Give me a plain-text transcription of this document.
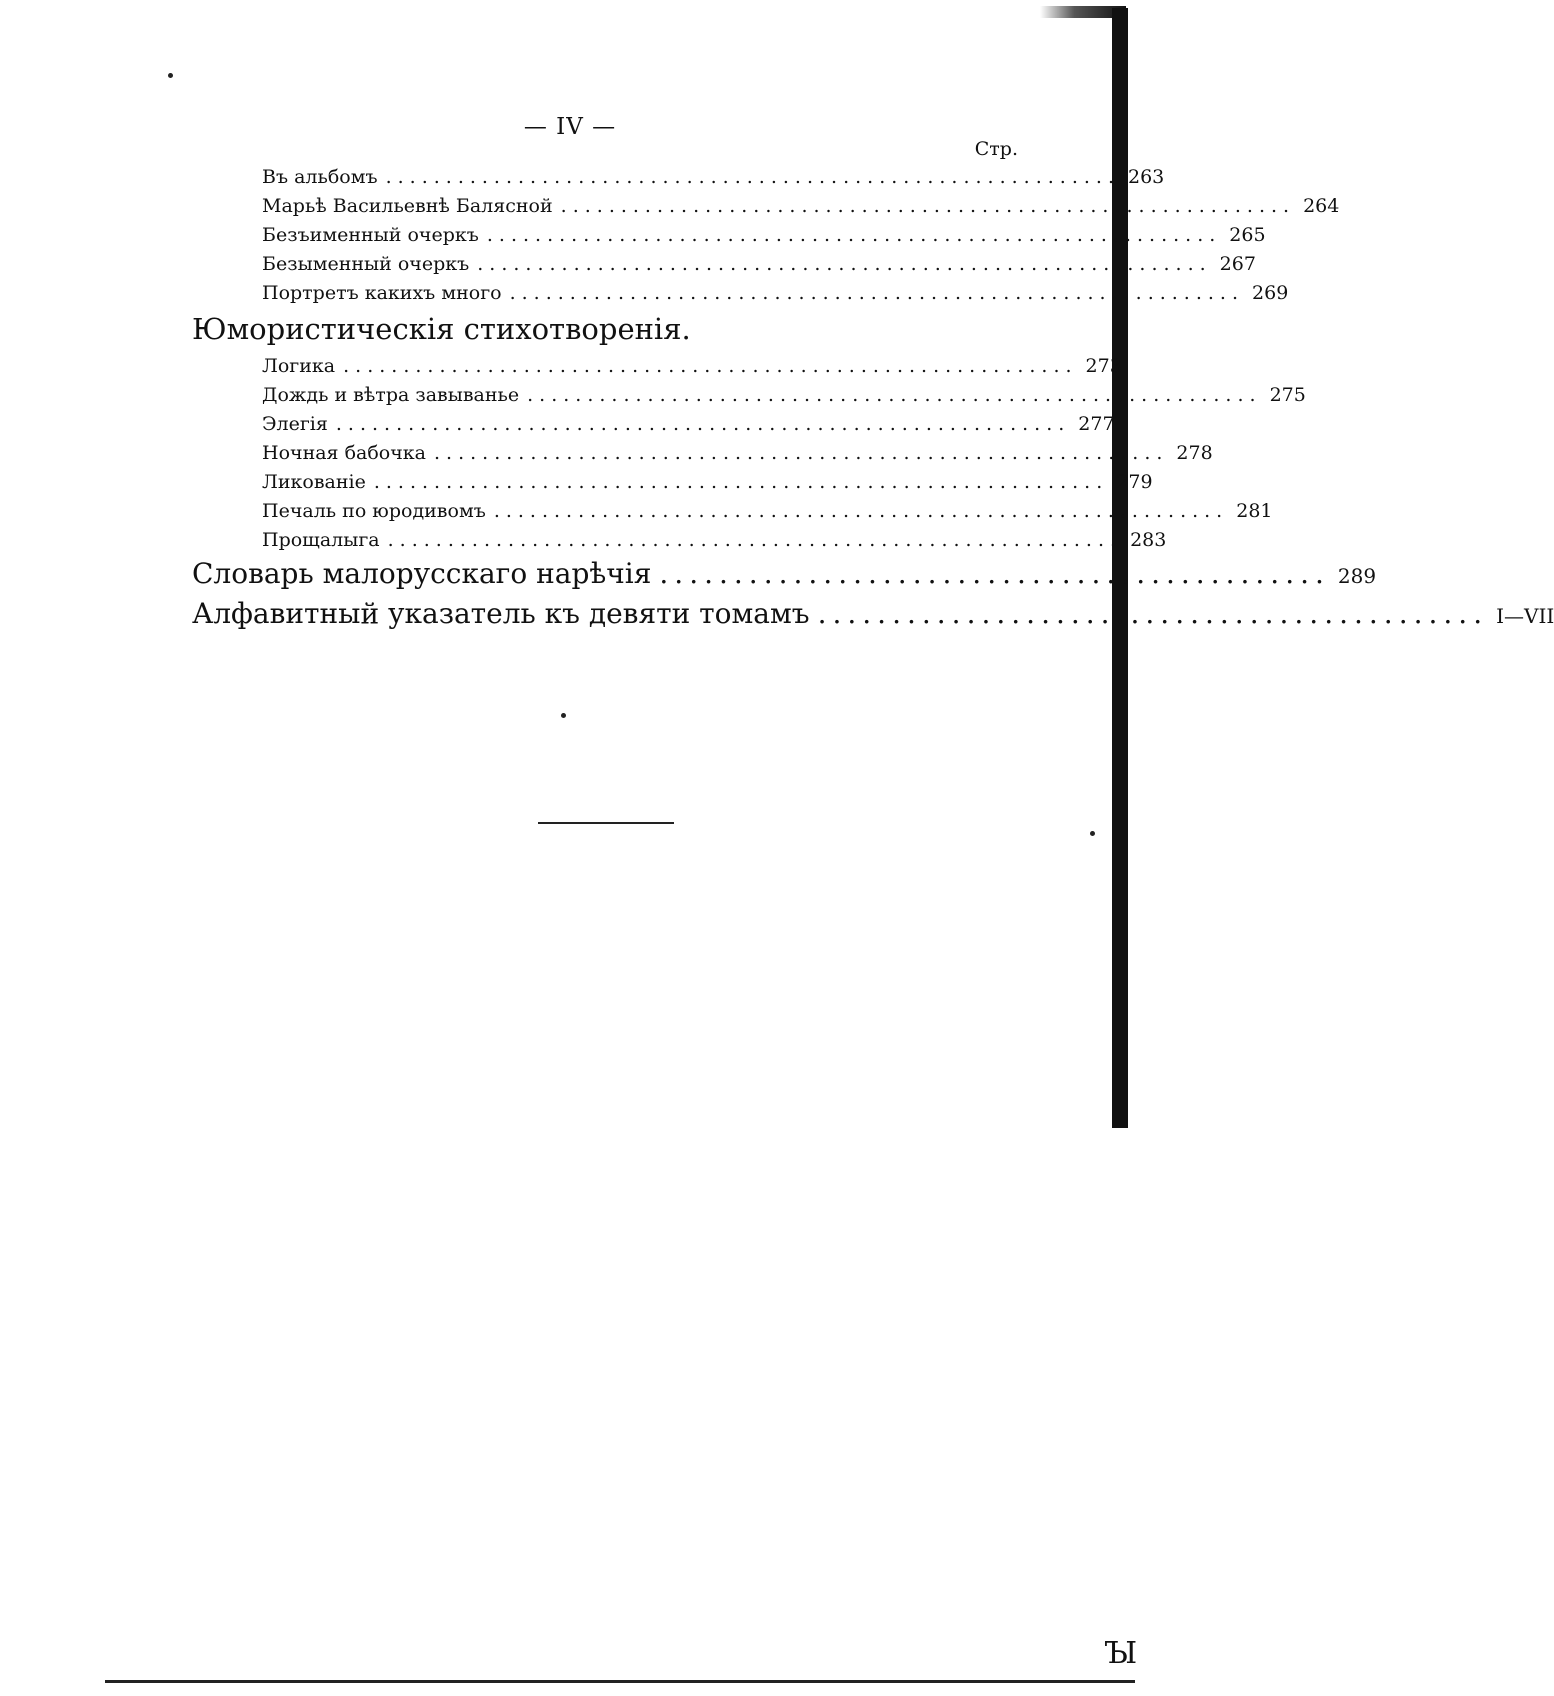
— IV —
Стр.
Въ альбомъ ............................................................. 263
Марьѣ Васильевнѣ Балясной ............................................................. 264
Безъименный очеркъ ............................................................. 265
Безыменный очеркъ ............................................................. 267
Портретъ какихъ много ............................................................. 269
Юмористическія стихотворенія.
Логика ............................................................. 273
Дождь и вѣтра завыванье ............................................................. 275
Элегія ............................................................. 277
Ночная бабочка ............................................................. 278
Ликованіе ............................................................. 279
Печаль по юродивомъ ............................................................. 281
Прощалыга ............................................................. 283
Словарь малорусскаго нарѣчія ............................................. 289
Алфавитный указатель къ девяти томамъ ............................................. I—VII
Ꙑ
